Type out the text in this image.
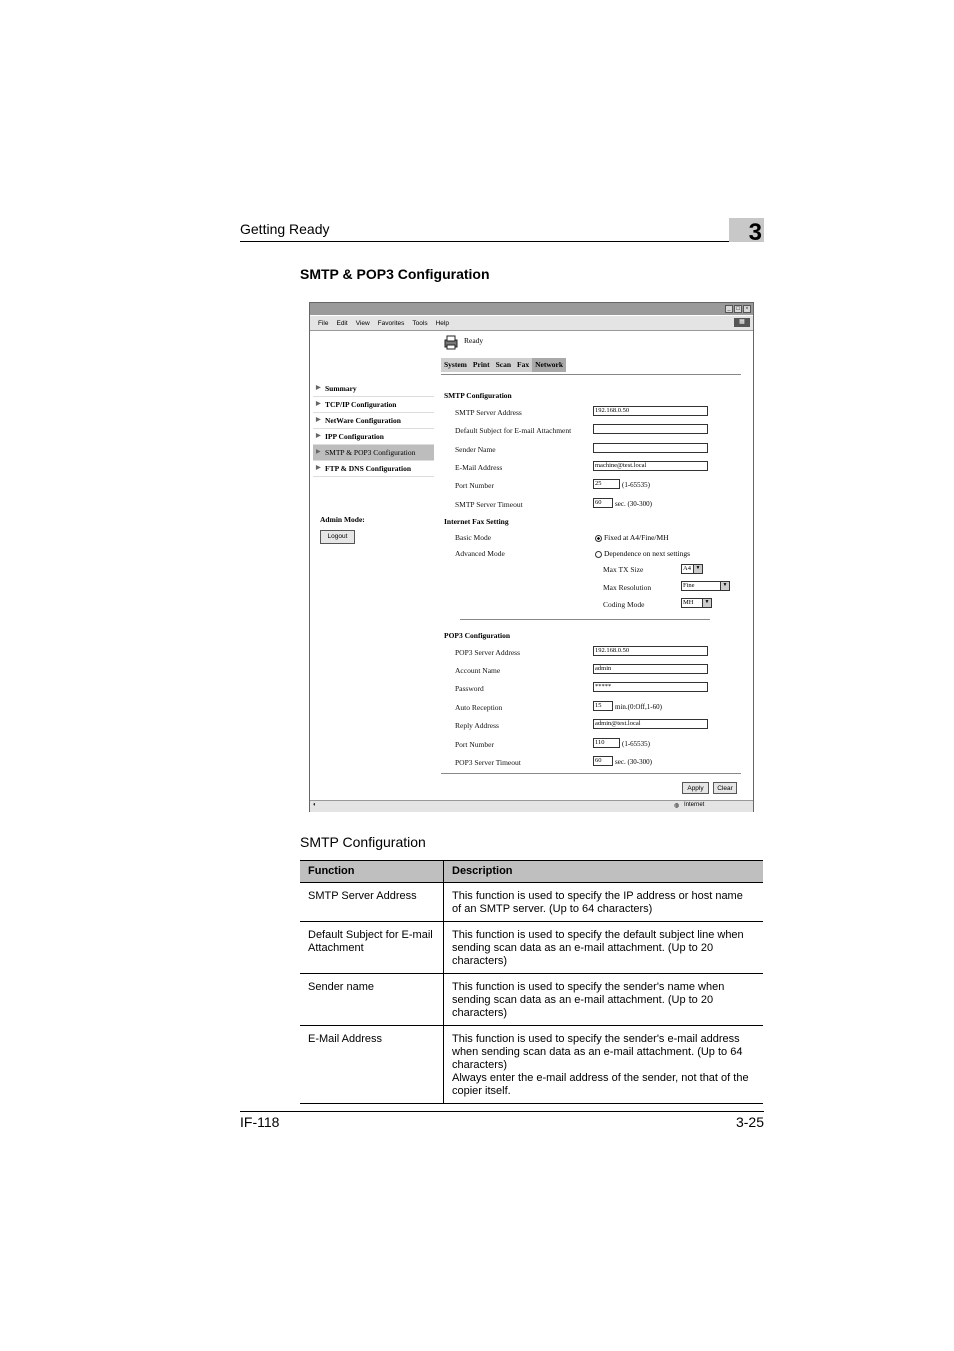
Getting Ready	3
SMTP & POP3 Configuration
_ □ ×
File Edit View Favorites Tools Help	▦
▶ Summary
▶ TCP/IP Configuration
▶ NetWare Configuration
▶ IPP Configuration
▶ SMTP & POP3 Configuration
▶ FTP & DNS Configuration
Admin Mode:
Logout
Ready
System Print Scan Fax Network
SMTP Configuration
SMTP Server Address	192.168.0.50
Default Subject for E-mail Attachment
Sender Name
E-Mail Address	machine@test.local
Port Number	25	(1-65535)
SMTP Server Timeout	60	sec. (30-300)
Internet Fax Setting
Basic Mode	Fixed at A4/Fine/MH
Advanced Mode	Dependence on next settings
Max TX Size	A4 ▼
Max Resolution	Fine	▼
Coding Mode	MH	▼
POP3 Configuration
POP3 Server Address	192.168.0.50
Account Name	admin
Password	*****
Auto Reception	15	min.(0:Off,1-60)
Reply Address	admin@test.local
Port Number	110	(1-65535)
POP3 Server Timeout	60	sec. (30-300)
Apply	Clear
◐	◍ Internet
SMTP Configuration
Function	Description
SMTP Server Address	This function is used to specify the IP address or host name of an SMTP server. (Up to 64 characters)
Default Subject for E-mail Attachment	This function is used to specify the default subject line when sending scan data as an e-mail attachment. (Up to 20 characters)
Sender name	This function is used to specify the sender's name when sending scan data as an e-mail attachment. (Up to 20 characters)
E-Mail Address	This function is used to specify the sender's e-mail address when sending scan data as an e-mail attachment. (Up to 64 characters)
Always enter the e-mail address of the sender, not that of the copier itself.
IF-118	3-25
